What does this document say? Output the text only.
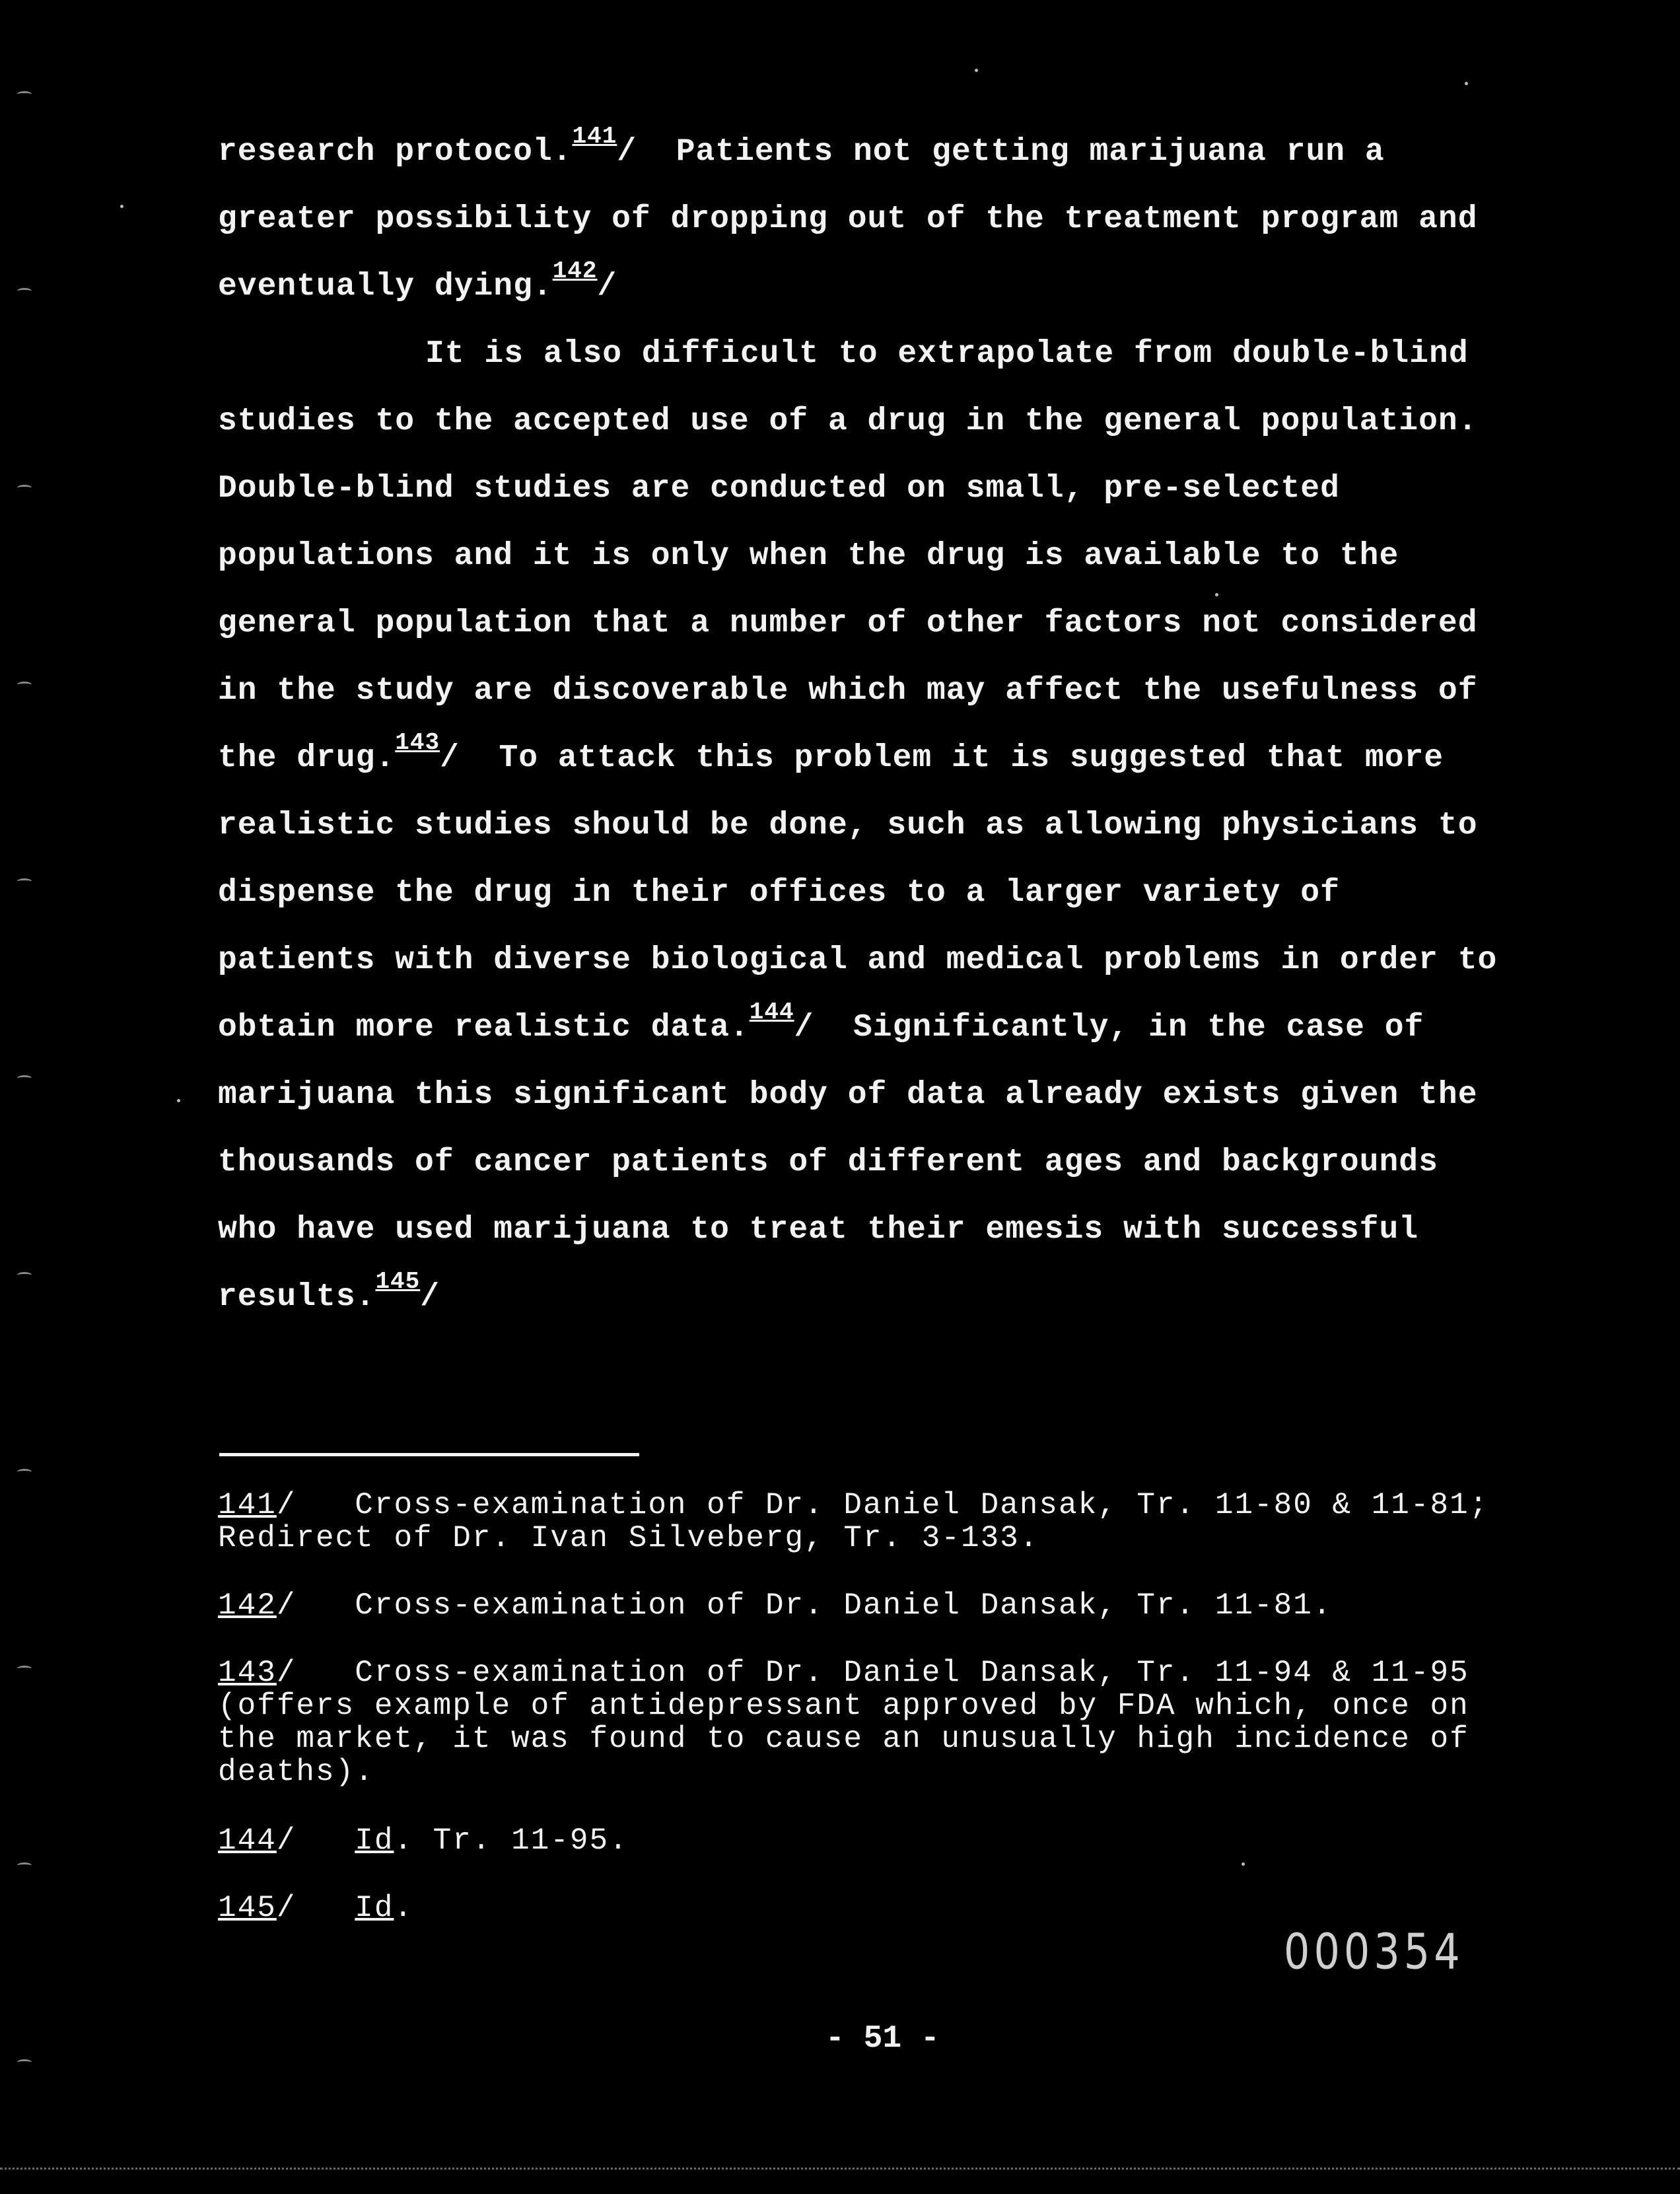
research protocol.$^{141}$/  Patients not getting marijuana run a
greater possibility of dropping out of the treatment program and
eventually dying.$^{142}$/
It is also difficult to extrapolate from double-blind
studies to the accepted use of a drug in the general population.
Double-blind studies are conducted on small, pre-selected
populations and it is only when the drug is available to the
general population that a number of other factors not considered
in the study are discoverable which may affect the usefulness of
the drug.$^{143}$/  To attack this problem it is suggested that more
realistic studies should be done, such as allowing physicians to
dispense the drug in their offices to a larger variety of
patients with diverse biological and medical problems in order to
obtain more realistic data.$^{144}$/  Significantly, in the case of
marijuana this significant body of data already exists given the
thousands of cancer patients of different ages and backgrounds
who have used marijuana to treat their emesis with successful
results.$^{145}$/
141/   Cross-examination of Dr. Daniel Dansak, Tr. 11-80 & 11-81;
Redirect of Dr. Ivan Silveberg, Tr. 3-133.
142/   Cross-examination of Dr. Daniel Dansak, Tr. 11-81.
143/   Cross-examination of Dr. Daniel Dansak, Tr. 11-94 & 11-95
(offers example of antidepressant approved by FDA which, once on
the market, it was found to cause an unusually high incidence of
deaths).
144/   Id. Tr. 11-95.
145/   Id.
000354
- 51 -
